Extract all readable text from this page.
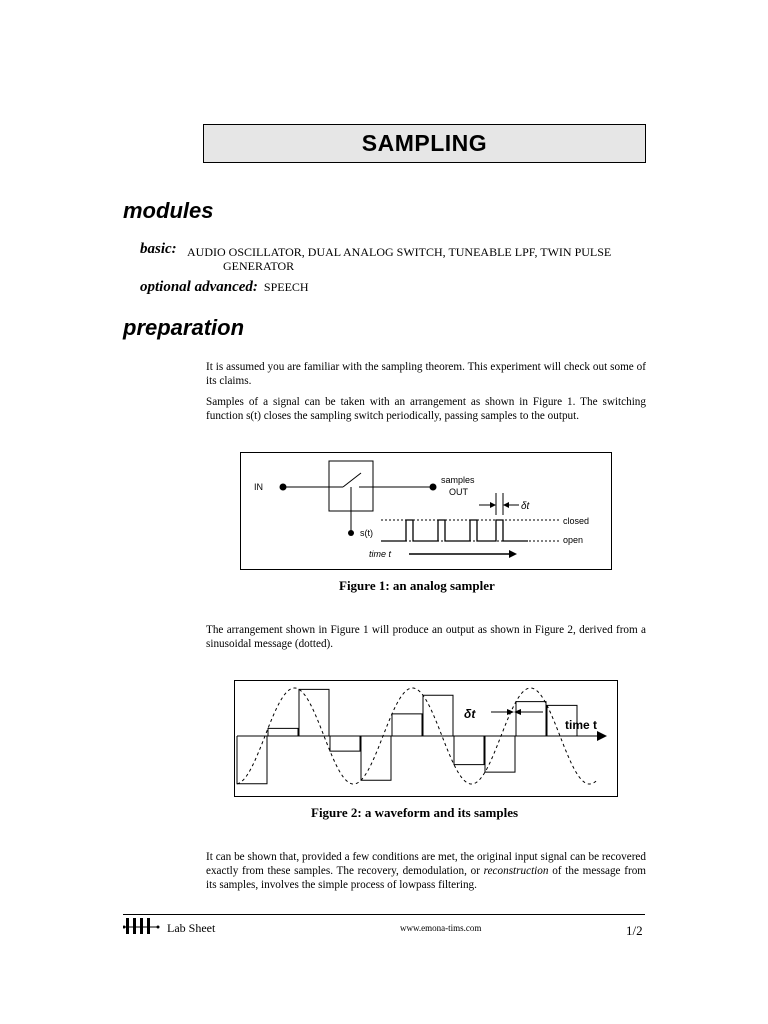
SAMPLING
modules
basic: AUDIO OSCILLATOR, DUAL ANALOG SWITCH, TUNEABLE LPF, TWIN PULSE
GENERATOR
optional advanced: SPEECH
preparation
It is assumed you are familiar with the sampling theorem. This experiment will check out some of its claims.
Samples of a signal can be taken with an arrangement as shown in Figure 1. The switching function s(t) closes the sampling switch periodically, passing samples to the output.
IN
samples
OUT
s(t)
δt
closed
open
time t
Figure 1: an analog sampler
The arrangement shown in Figure 1 will produce an output as shown in Figure 2, derived from a sinusoidal message (dotted).
δt
time t
Figure 2: a waveform and its samples
It can be shown that, provided a few conditions are met, the original input signal can be recovered exactly from these samples. The recovery, demodulation, or reconstruction of the message from its samples, involves the simple process of lowpass filtering.
Lab Sheet	www.emona-tims.com	1/2
